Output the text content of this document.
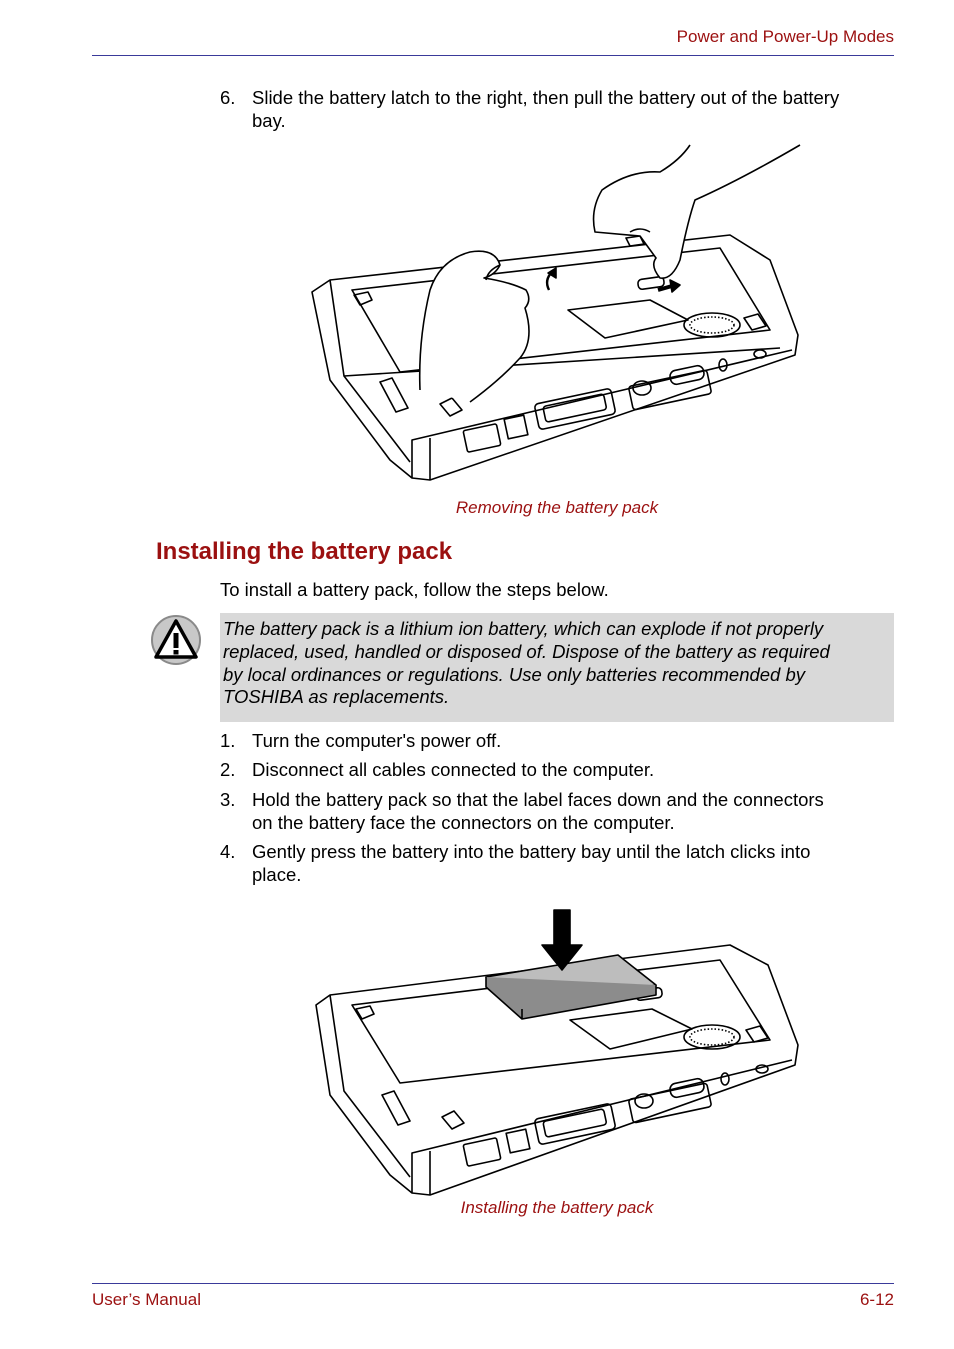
Power and Power-Up Modes
6. Slide the battery latch to the right, then pull the battery out of the battery
bay.
Removing the battery pack
Installing the battery pack
To install a battery pack, follow the steps below.
The battery pack is a lithium ion battery, which can explode if not properly
replaced, used, handled or disposed of. Dispose of the battery as required
by local ordinances or regulations. Use only batteries recommended by
TOSHIBA as replacements.
1. Turn the computer's power off.
2. Disconnect all cables connected to the computer.
3. Hold the battery pack so that the label faces down and the connectors
on the battery face the connectors on the computer.
4. Gently press the battery into the battery bay until the latch clicks into
place.
Installing the battery pack
User’s Manual	6-12
